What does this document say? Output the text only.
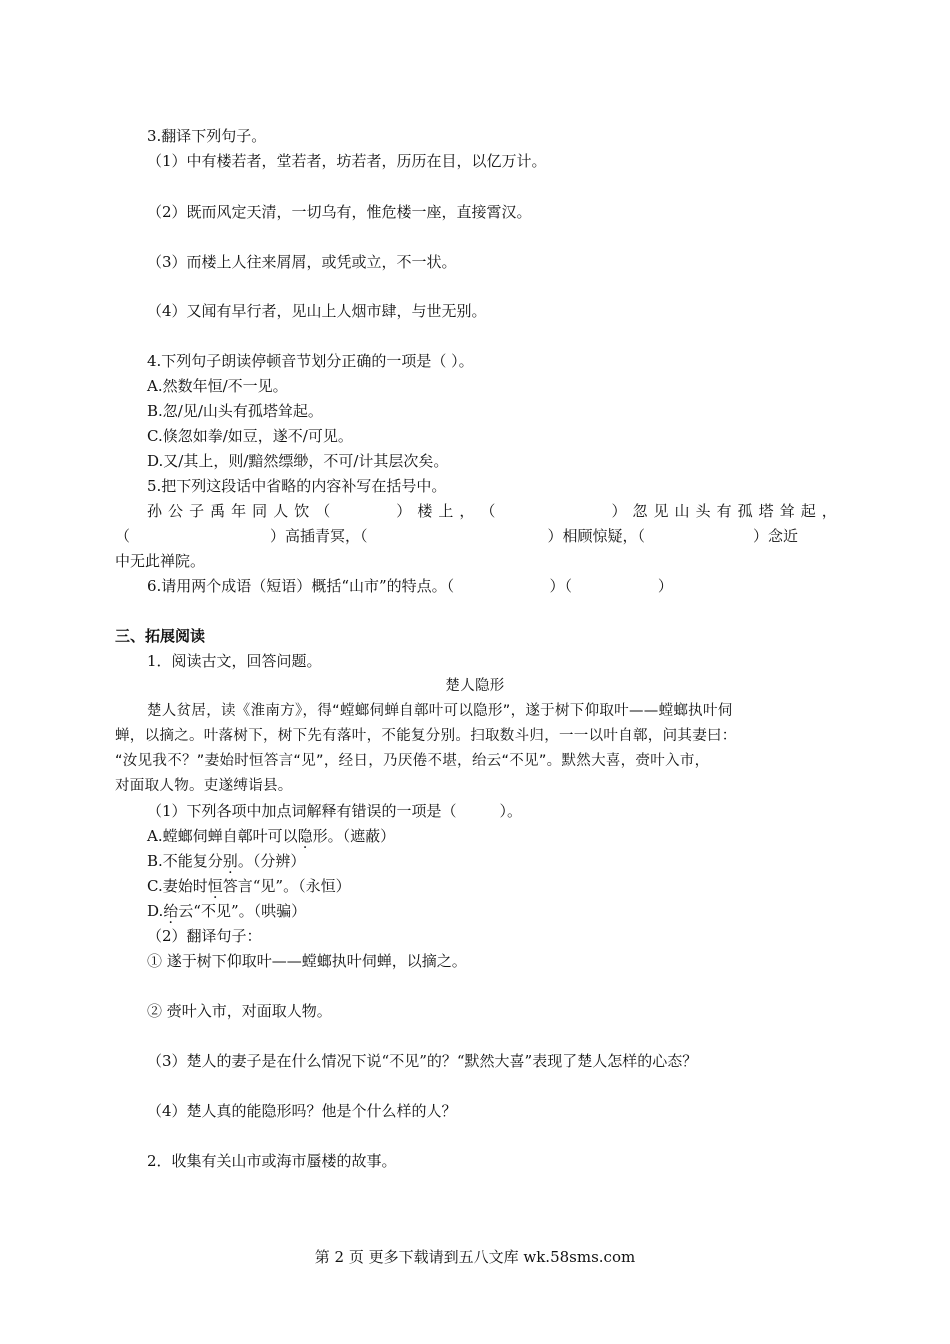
3.翻译下列句子。
（1）中有楼若者，堂若者，坊若者，历历在目，以亿万计。
（2）既而风定天清，一切乌有，惟危楼一座，直接霄汉。
（3）而楼上人往来屑屑，或凭或立，不一状。
（4）又闻有早行者，见山上人烟市肆，与世无别。
4.下列句子朗读停顿音节划分正确的一项是（ ）。
A.然数年恒/不一见。
B.忽/见/山头有孤塔耸起。
C.倏忽如拳/如豆，遂不/可见。
D.又/其上，则/黯然缥缈，不可/计其层次矣。
5.把下列这段话中省略的内容补写在括号中。
孙 公 子 禹 年 同 人 饮 （	） 楼 上 ， （	） 忽 见 山 头 有 孤 塔 耸 起 ，
（	）高插青冥，（	）相顾惊疑，（	）念近
中无此禅院。
6.请用两个成语（短语）概括“山市”的特点。（                    ）（                  ）
三、拓展阅读
1．阅读古文，回答问题。
楚人隐形
楚人贫居，读《淮南方》，得“螳螂伺蝉自鄣叶可以隐形”，遂于树下仰取叶——螳螂执叶伺
蝉，以摘之。叶落树下，树下先有落叶，不能复分别。扫取数斗归，一一以叶自鄣，问其妻曰：
“汝见我不？”妻始时恒答言“见”，经日，乃厌倦不堪，绐云“不见”。默然大喜，赍叶入市，
对面取人物。吏遂缚诣县。
（1）下列各项中加点词解释有错误的一项是（         ）。
A.螳螂伺蝉自鄣叶可以隐形。（遮蔽）
B.不能复分别。（分辨）
C.妻始时恒答言“见”。（永恒）
D.绐云“不见”。（哄骗）
（2）翻译句子：
① 遂于树下仰取叶——螳螂执叶伺蝉，以摘之。
② 赍叶入市，对面取人物。
（3）楚人的妻子是在什么情况下说“不见”的？“默然大喜”表现了楚人怎样的心态？
（4）楚人真的能隐形吗？他是个什么样的人？
2．收集有关山市或海市蜃楼的故事。
第 2 页 更多下载请到五八文库 wk.58sms.com
